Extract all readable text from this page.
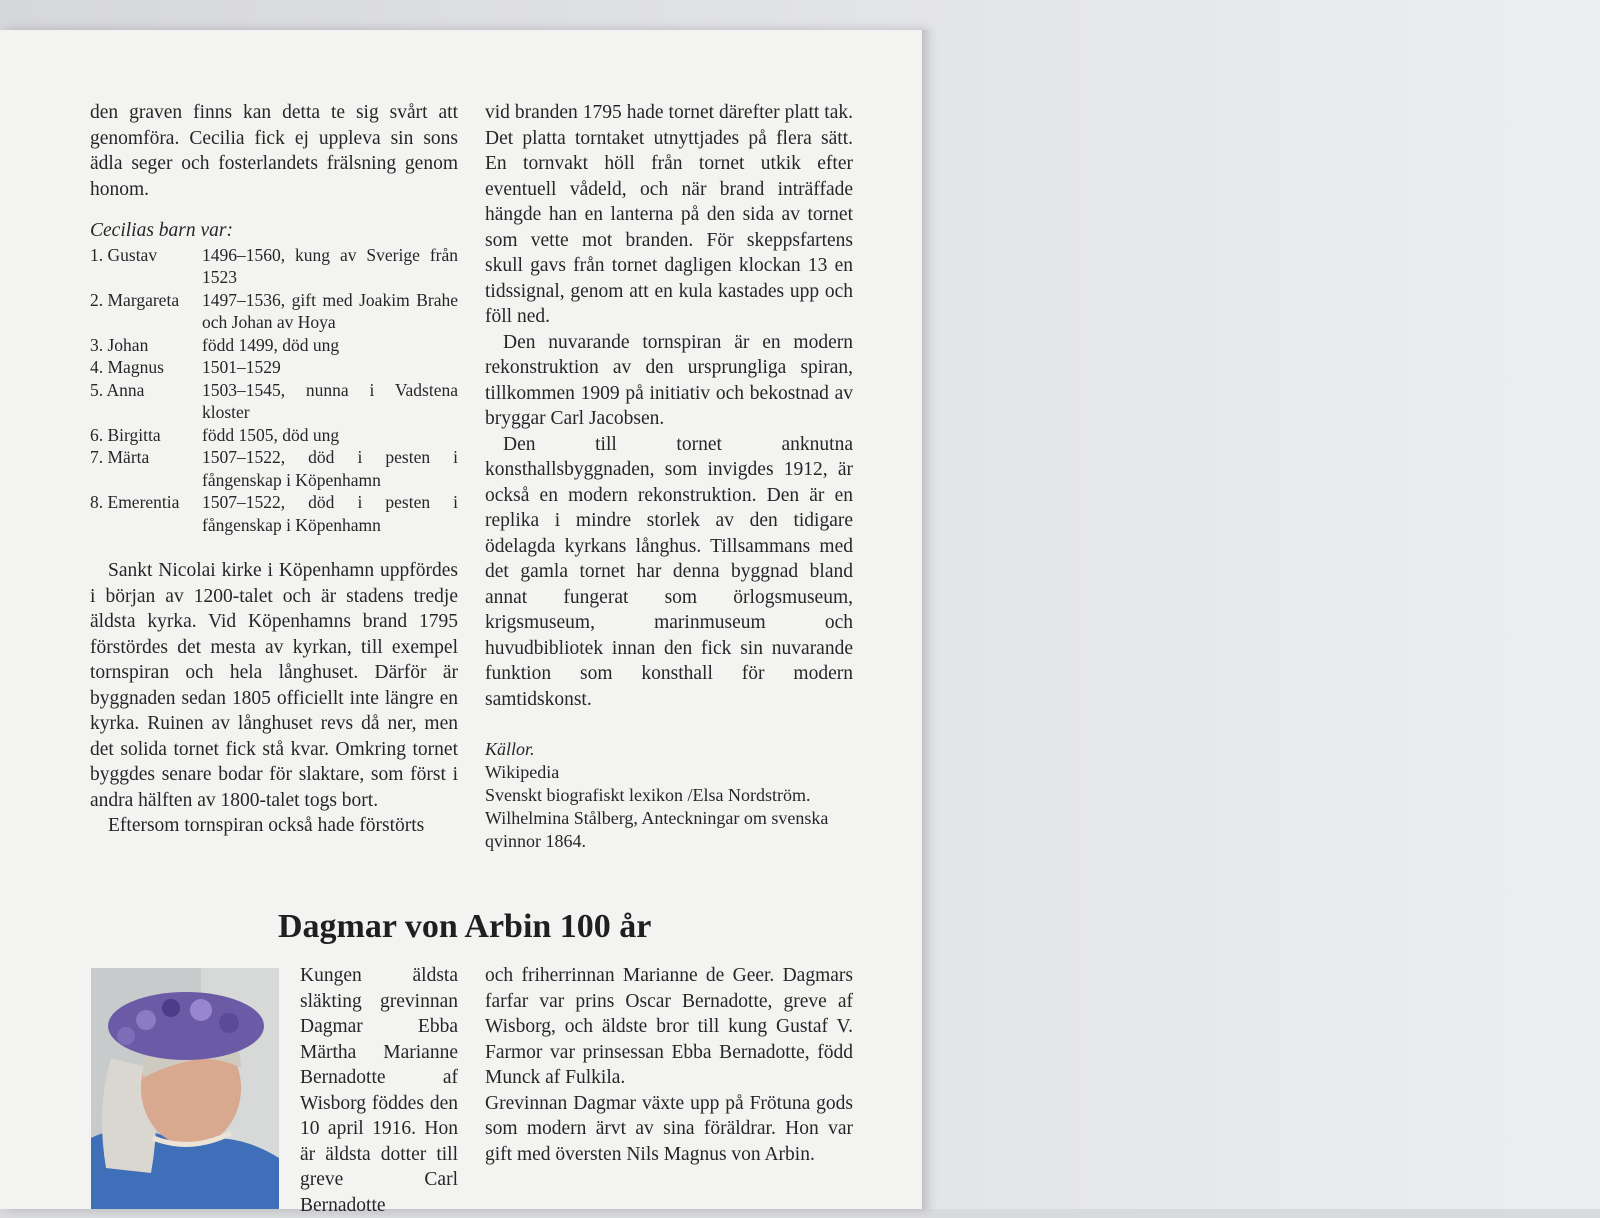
den graven finns kan detta te sig svårt att genomföra. Cecilia fick ej uppleva sin sons ädla seger och fosterlandets frälsning genom honom.

Cecilias barn var:

1. Gustav	1496–1560, kung av Sverige från 1523
2. Margareta	1497–1536, gift med Joakim Brahe och Johan av Hoya
3. Johan	född 1499, död ung
4. Magnus	1501–1529
5. Anna	1503–1545, nunna i Vadstena kloster
6. Birgitta	född 1505, död ung
7. Märta	1507–1522, död i pesten i fångenskap i Köpenhamn
8. Emerentia	1507–1522, död i pesten i fångenskap i Köpenhamn

Sankt Nicolai kirke i Köpenhamn uppfördes i början av 1200-talet och är stadens tredje äldsta kyrka. Vid Köpenhamns brand 1795 förstördes det mesta av kyrkan, till exempel tornspiran och hela långhuset. Därför är byggnaden sedan 1805 officiellt inte längre en kyrka. Ruinen av långhuset revs då ner, men det solida tornet fick stå kvar. Omkring tornet byggdes senare bodar för slaktare, som först i andra hälften av 1800-talet togs bort.

Eftersom tornspiran också hade förstörts

vid branden 1795 hade tornet därefter platt tak. Det platta torntaket utnyttjades på flera sätt. En tornvakt höll från tornet utkik efter eventuell vådeld, och när brand inträffade hängde han en lanterna på den sida av tornet som vette mot branden. För skeppsfartens skull gavs från tornet dagligen klockan 13 en tidssignal, genom att en kula kastades upp och föll ned.

Den nuvarande tornspiran är en modern rekonstruktion av den ursprungliga spiran, tillkommen 1909 på initiativ och bekostnad av bryggar Carl Jacobsen.

Den till tornet anknutna konsthallsbyggnaden, som invigdes 1912, är också en modern rekonstruktion. Den är en replika i mindre storlek av den tidigare ödelagda kyrkans långhus. Tillsammans med det gamla tornet har denna byggnad bland annat fungerat som örlogsmuseum, krigsmuseum, marinmuseum och huvudbibliotek innan den fick sin nuvarande funktion som konsthall för modern samtidskonst.

Källor.
Wikipedia
Svenskt biografiskt lexikon /Elsa Nordström.
Wilhelmina Stålberg, Anteckningar om svenska qvinnor 1864.
Dagmar von Arbin 100 år

Kungen äldsta släkting grevinnan Dagmar Ebba Märtha Marianne Bernadotte af Wisborg föddes den 10 april 1916. Hon är äldsta dotter till greve Carl Bernadotte

och friherrinnan Marianne de Geer. Dagmars farfar var prins Oscar Bernadotte, greve af Wisborg, och äldste bror till kung Gustaf V. Farmor var prinsessan Ebba Bernadotte, född Munck af Fulkila.

Grevinnan Dagmar växte upp på Frötuna gods som modern ärvt av sina föräldrar. Hon var gift med översten Nils Magnus von Arbin.
